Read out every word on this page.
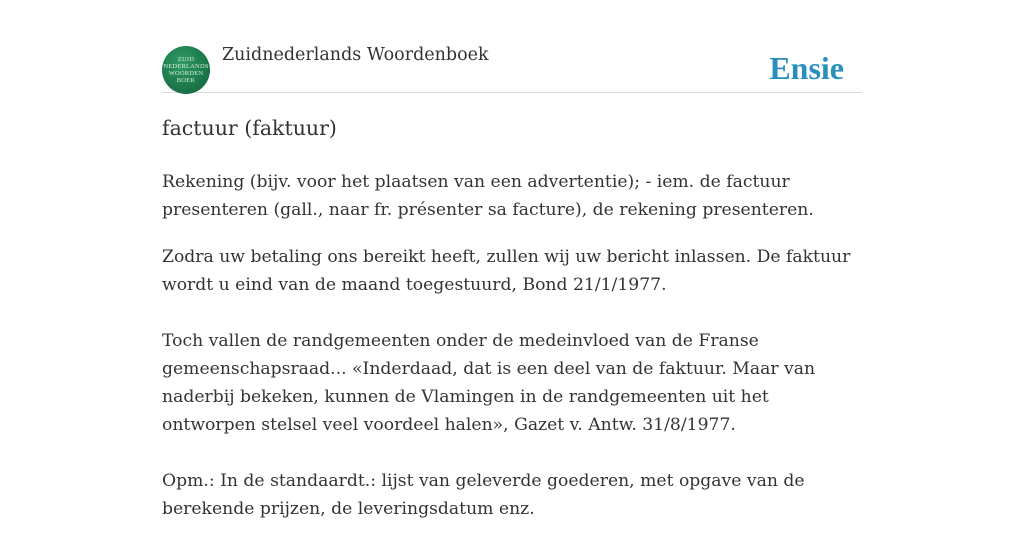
ZUID
NEDERLANDS
WOORDEN
BOEK
Zuidnederlands Woordenboek	Ensie
factuur (faktuur)

Rekening (bijv. voor het plaatsen van een advertentie); - iem. de factuur presenteren (gall., naar fr. présenter sa facture), de rekening presenteren.

Zodra uw betaling ons bereikt heeft, zullen wij uw bericht inlassen. De faktuur wordt u eind van de maand toegestuurd, Bond 21/1/1977.

Toch vallen de randgemeenten onder de medeinvloed van de Franse gemeenschapsraad... «Inderdaad, dat is een deel van de faktuur. Maar van naderbij bekeken, kunnen de Vlamingen in de randgemeenten uit het ontworpen stelsel veel voordeel halen», Gazet v. Antw. 31/8/1977.

Opm.: In de standaardt.: lijst van geleverde goederen, met opgave van de berekende prijzen, de leveringsdatum enz.
